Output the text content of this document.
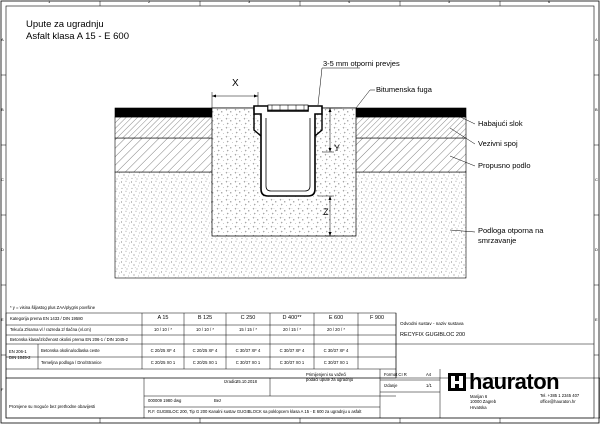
1	2	3	4	5	6
A
B
C
D
E
F
A
B
C
D
E
Upute za ugradnju
Asfalt klasa A 15 - E 600
X
Y
Z
3-5 mm otporni prevjes
Bitumenska fuga
Habajući slok
Vezivni spoj
Propusno podlo
Podloga otporna na smrzavanje
* y = visina šiljastog plus ZAA/plygris površine
Kategorija prema EN 1433 / DIN 19580	A 15	B 125	C 250	D 400**	E 600	F 900
Tekuća Z/sama vl / razreda 2/ tlačna (vl.cm)	10 / 10 / *	10 / 10 / *	15 / 15 / *	20 / 15 / *	20 / 20 / *
Betonska klasa/izloženost okolini prema EN 206-1 / DIN 1045-2
EN 206-1
DIN 1045-2
Betonska okolina/odlaska ceste	C 20/25 XF 4	C 20/25 XF 4	C 30/37 XF 4	C 30/37 XF 4	C 30/37 XF 4
Temeljna podloga / Dno/Stranice	C 20/25 X0 1	C 20/25 X0 1	C 30/37 X0 1	C 30/37 X0 1	C 30/37 X0 1
Odvodni sustav - naziv sustava
RECYFIX GUGIBLOC 200
Izradio 25.10.2018
Primijenjeni su važeći
podaci upute za ugradnju
Format CI R	A4
Izdanje	1/1
000009 1980 dwg	Bez
R.F. GUGIBLOC 200, Tip G 200 Kanalni sustav GUGIBLOCK sa poklopcem klasa A 15 - E 600 za ugradnju u asfalt
Promjene su moguće bez prethodne obavijesti
hauraton
Marijan 6
10000 Zagreb
Hrvatska
Tel. +385 1 2345 407
office@hauraton.hr
